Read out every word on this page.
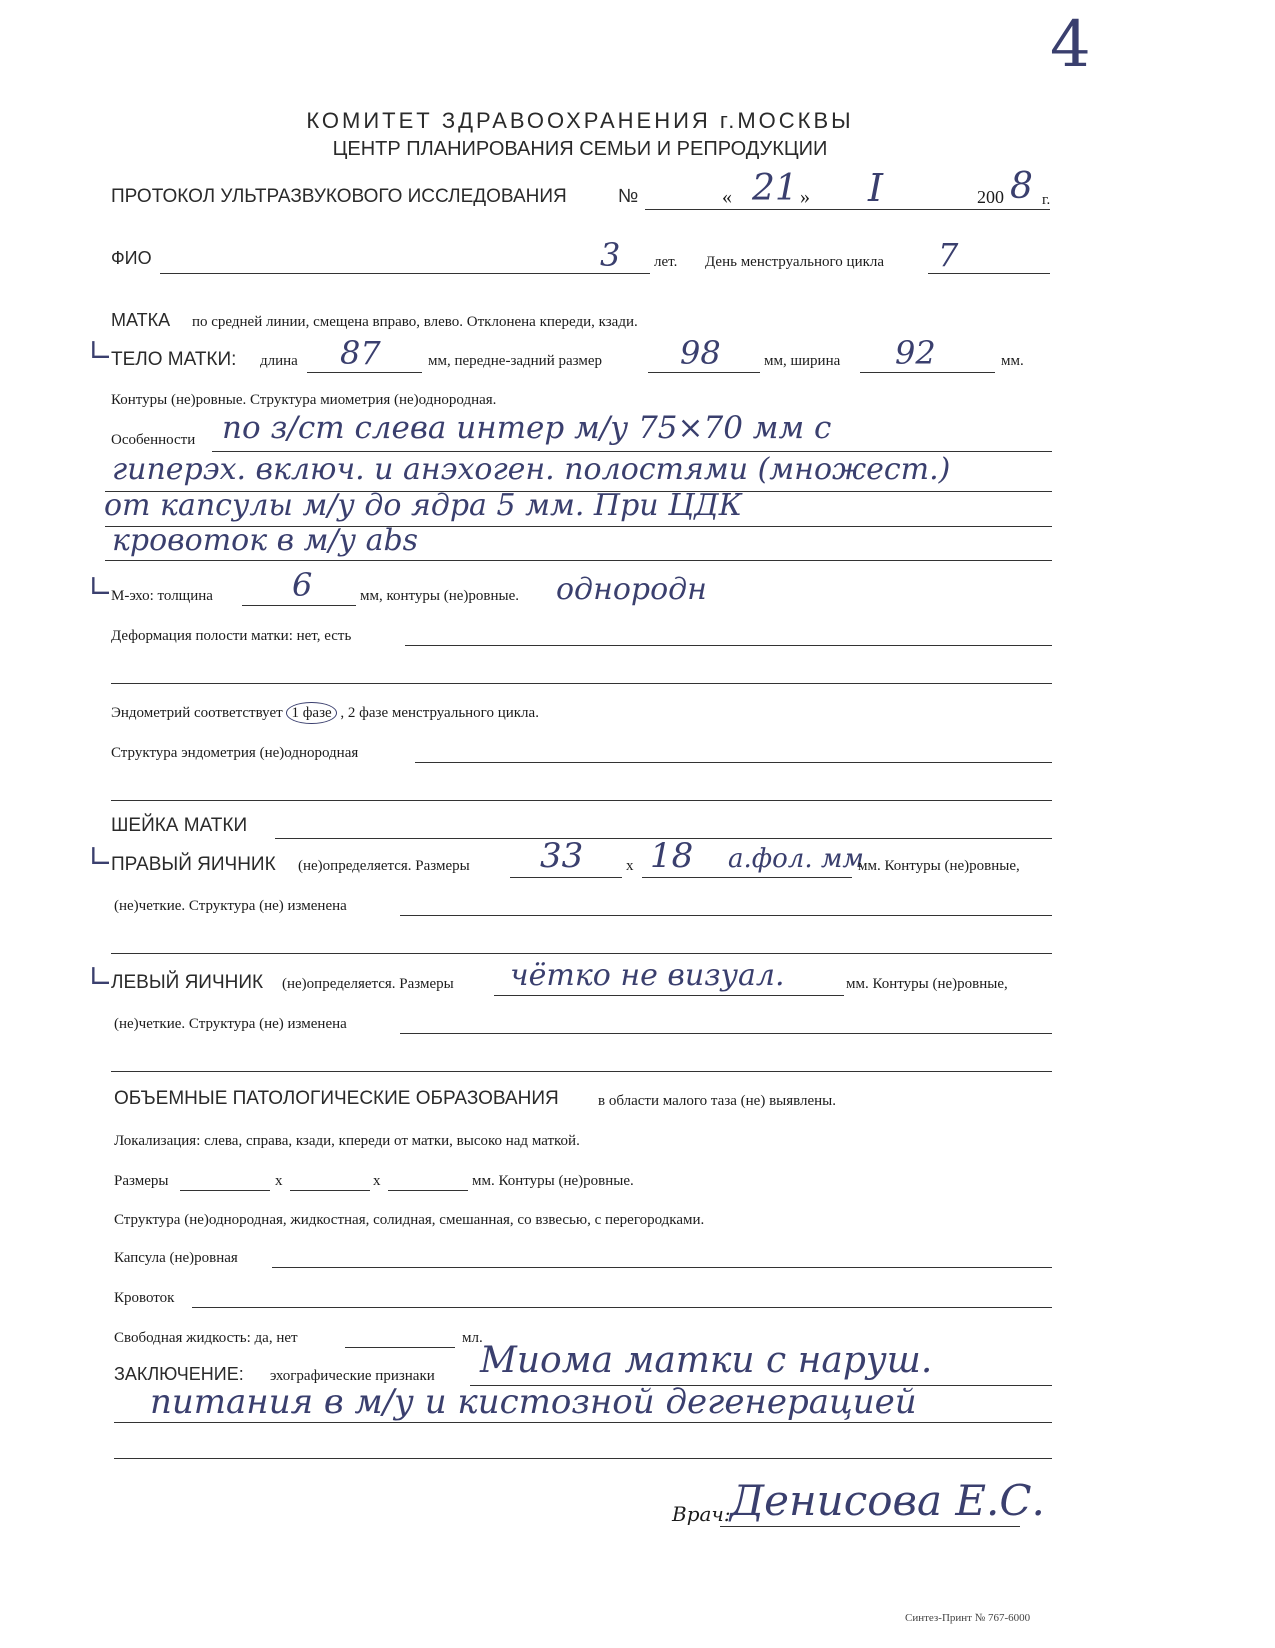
4
КОМИТЕТ ЗДРАВООХРАНЕНИЯ г.МОСКВЫ
ЦЕНТР ПЛАНИРОВАНИЯ СЕМЬИ И РЕПРОДУКЦИИ
ПРОТОКОЛ УЛЬТРАЗВУКОВОГО ИССЛЕДОВАНИЯ	№	« 21 » I	200 8 г.
ФИО	3 лет. День менструального цикла 7
МАТКА по средней линии, смещена вправо, влево. Отклонена кпереди, кзади.
∟
ТЕЛО МАТКИ: длина 87	мм, передне-задний размер 98	мм, ширина 92	мм.
Контуры (не)ровные. Структура миометрия (не)однородная.
Особенности по з/ст слева интер м/у 75×70 мм с
гиперэх. включ. и анэхоген. полостями (множест.)
от капсулы м/у до ядра 5 мм. При ЦДК
кровоток в м/у abs
∟
М-эхо: толщина 6	мм, контуры (не)ровные. однородн
Деформация полости матки: нет, есть
Эндометрий соответствует 1 фазе , 2 фазе менструального цикла.
Структура эндометрия (не)однородная
ШЕЙКА МАТКИ
∟
ПРАВЫЙ ЯИЧНИК (не)определяется. Размеры 33	х 18 а.фол. мм
мм. Контуры (не)ровные,
(не)четкие. Структура (не) изменена
∟
ЛЕВЫЙ ЯИЧНИК (не)определяется. Размеры чётко не визуал.	мм. Контуры (не)ровные,
(не)четкие. Структура (не) изменена
ОБЪЕМНЫЕ ПАТОЛОГИЧЕСКИЕ ОБРАЗОВАНИЯ	в области малого таза (не) выявлены.
Локализация: слева, справа, кзади, кпереди от матки, высоко над маткой.
Размеры	х	х	мм. Контуры (не)ровные.
Структура (не)однородная, жидкостная, солидная, смешанная, со взвесью, с перегородками.
Капсула (не)ровная
Кровоток
Свободная жидкость: да, нет	мл.
ЗАКЛЮЧЕНИЕ: эхографические признаки Миома матки с наруш.
питания в м/у и кистозной дегенерацией
Врач: Денисова Е.С.
Синтез-Принт № 767-6000
